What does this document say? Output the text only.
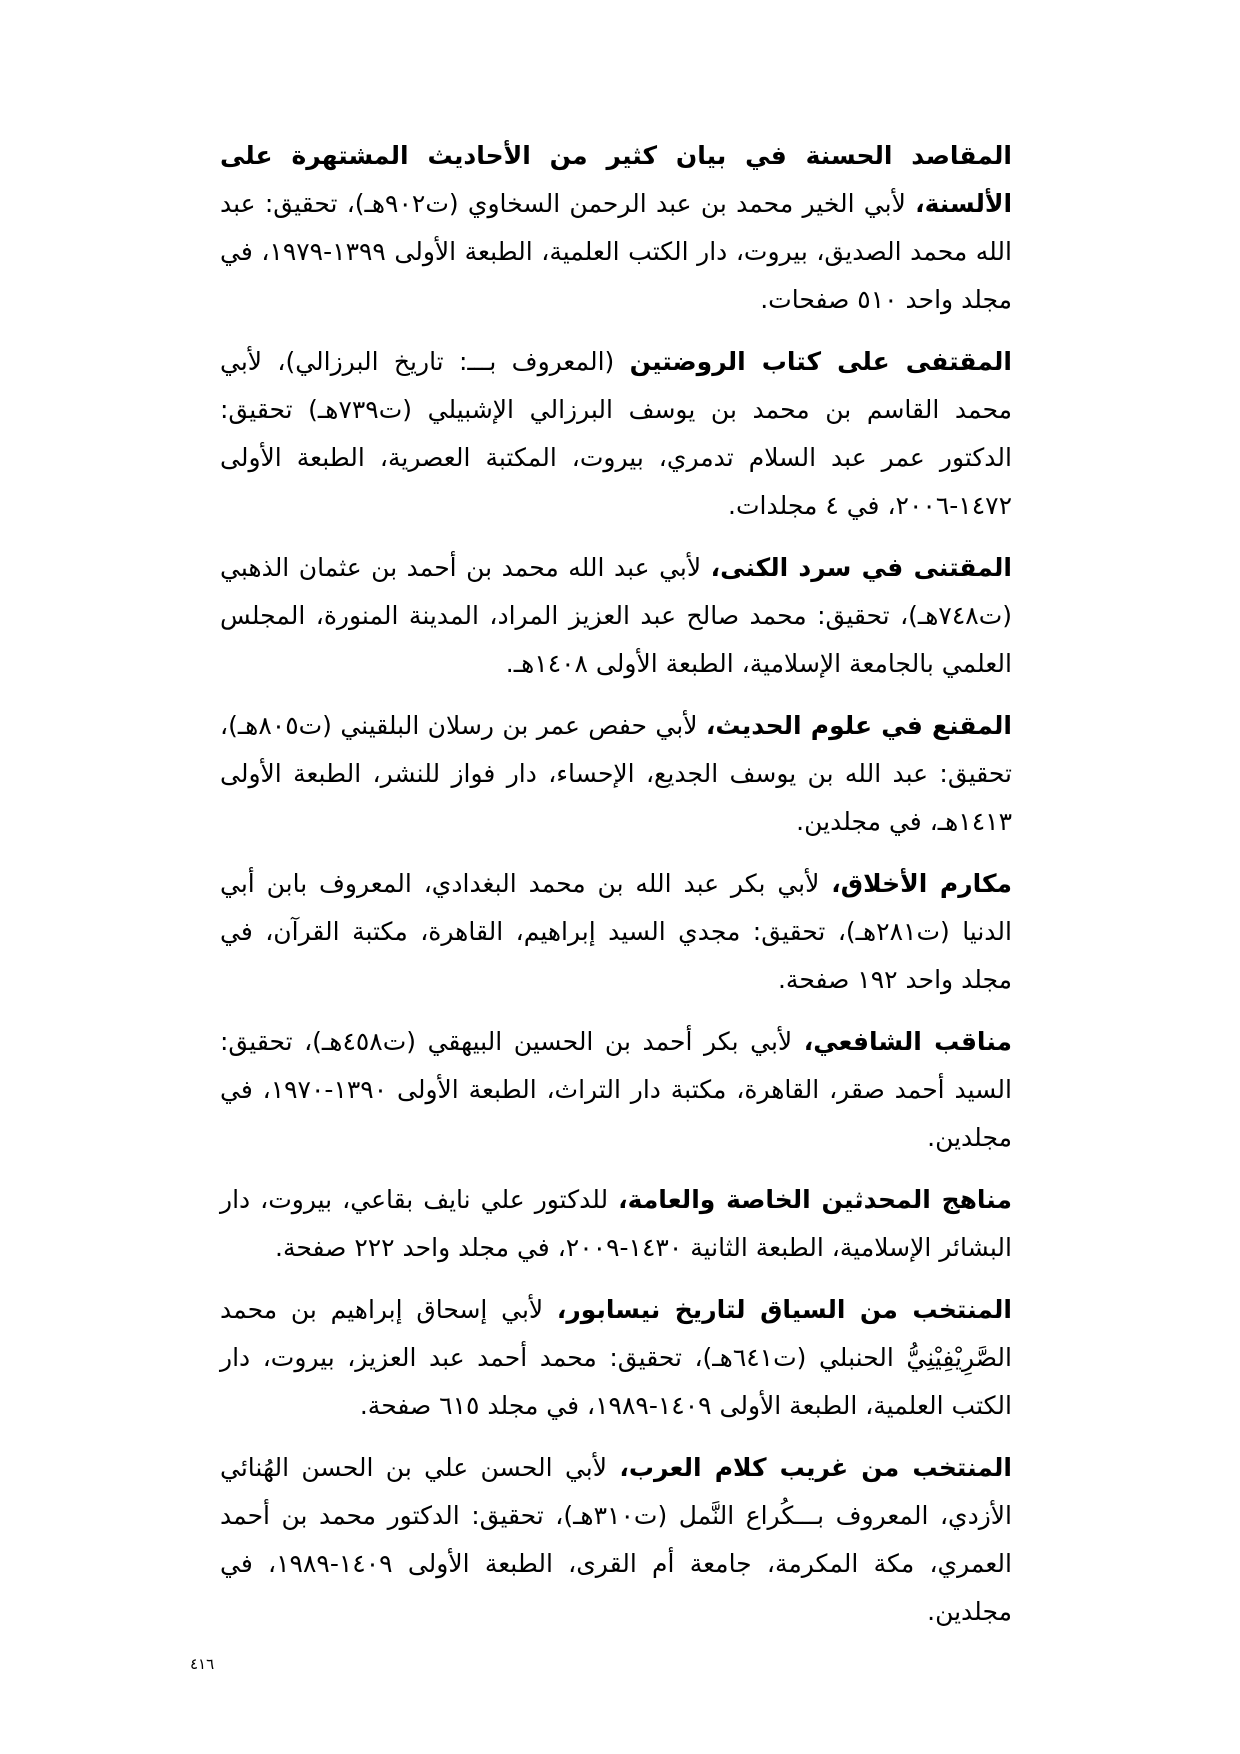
المقاصد الحسنة في بيان كثير من الأحاديث المشتهرة على الألسنة، لأبي الخير محمد بن عبد الرحمن السخاوي (ت٩٠٢هـ)، تحقيق: عبد الله محمد الصديق، بيروت، دار الكتب العلمية، الطبعة الأولى ١٣٩٩-١٩٧٩، في مجلد واحد ٥١٠ صفحات.

المقتفى على كتاب الروضتين (المعروف بـــ: تاريخ البرزالي)، لأبي محمد القاسم بن محمد بن يوسف البرزالي الإشبيلي (ت٧٣٩هـ) تحقيق: الدكتور عمر عبد السلام تدمري، بيروت، المكتبة العصرية، الطبعة الأولى ١٤٧٢-٢٠٠٦، في ٤ مجلدات.

المقتنى في سرد الكنى، لأبي عبد الله محمد بن أحمد بن عثمان الذهبي (ت٧٤٨هـ)، تحقيق: محمد صالح عبد العزيز المراد، المدينة المنورة، المجلس العلمي بالجامعة الإسلامية، الطبعة الأولى ١٤٠٨هـ.

المقنع في علوم الحديث، لأبي حفص عمر بن رسلان البلقيني (ت٨٠٥هـ)، تحقيق: عبد الله بن يوسف الجديع، الإحساء، دار فواز للنشر، الطبعة الأولى ١٤١٣هـ، في مجلدين.

مكارم الأخلاق، لأبي بكر عبد الله بن محمد البغدادي، المعروف بابن أبي الدنيا (ت٢٨١هـ)، تحقيق: مجدي السيد إبراهيم، القاهرة، مكتبة القرآن، في مجلد واحد ١٩٢ صفحة.

مناقب الشافعي، لأبي بكر أحمد بن الحسين البيهقي (ت٤٥٨هـ)، تحقيق: السيد أحمد صقر، القاهرة، مكتبة دار التراث، الطبعة الأولى ١٣٩٠-١٩٧٠، في مجلدين.

مناهج المحدثين الخاصة والعامة، للدكتور علي نايف بقاعي، بيروت، دار البشائر الإسلامية، الطبعة الثانية ١٤٣٠-٢٠٠٩، في مجلد واحد ٢٢٢ صفحة.

المنتخب من السياق لتاريخ نيسابور، لأبي إسحاق إبراهيم بن محمد الصَّرِيْفِيْنِيُّ الحنبلي (ت٦٤١هـ)، تحقيق: محمد أحمد عبد العزيز، بيروت، دار الكتب العلمية، الطبعة الأولى ١٤٠٩-١٩٨٩، في مجلد ٦١٥ صفحة.

المنتخب من غريب كلام العرب، لأبي الحسن علي بن الحسن الهُنائي الأزدي، المعروف بـــكُراع النَّمل (ت٣١٠هـ)، تحقيق: الدكتور محمد بن أحمد العمري، مكة المكرمة، جامعة أم القرى، الطبعة الأولى ١٤٠٩-١٩٨٩، في مجلدين.

٤١٦
